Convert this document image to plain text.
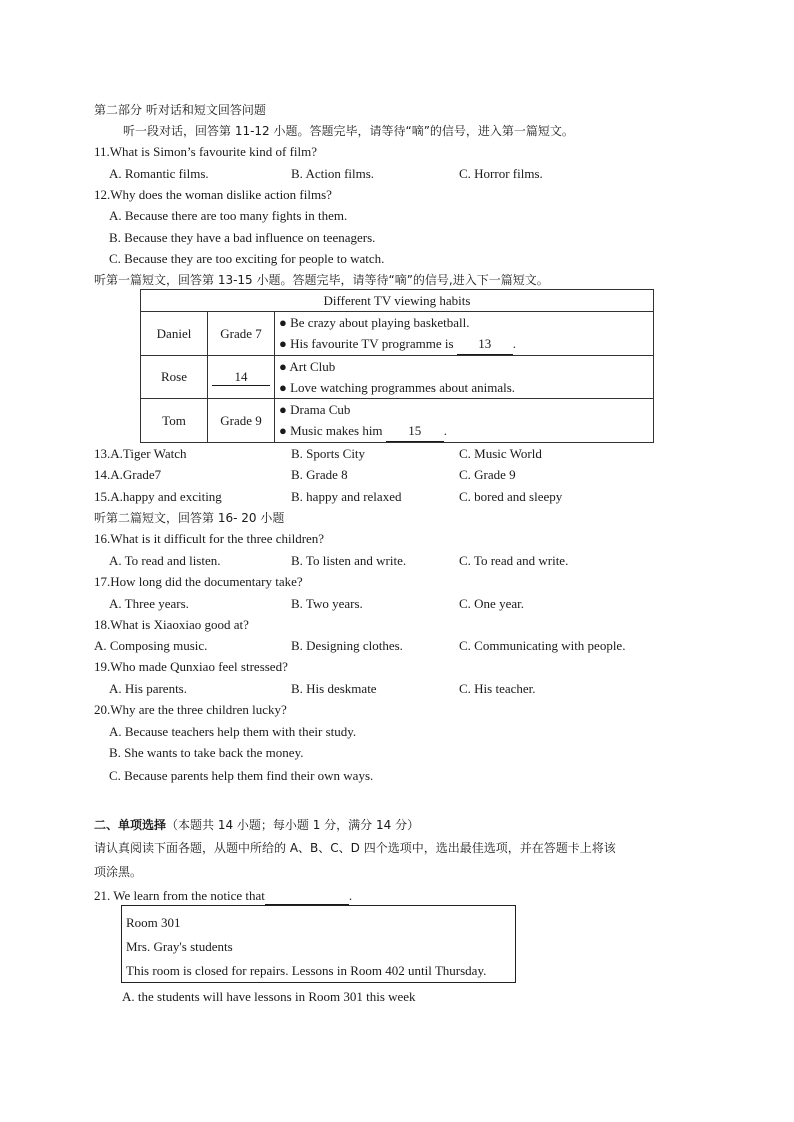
第二部分 听对话和短文回答问题
听一段对话，回答第 11-12 小题。答题完毕，请等待“嘀”的信号，进入第一篇短文。
11.What is Simon’s favourite kind of film?
A. Romantic films.	B. Action films.	C. Horror films.
12.Why does the woman dislike action films?
A. Because there are too many fights in them.
B. Because they have a bad influence on teenagers.
C. Because they are too exciting for people to watch.
听第一篇短文，回答第 13-15 小题。答题完毕，请等待“嘀”的信号,进入下一篇短文。
Different TV viewing habits		
Daniel	Grade 7	● Be crazy about playing basketball.
● His favourite TV programme is 13 .

Rose	14	● Art Club
● Love watching programmes about animals.

Tom	Grade 9	● Drama Cub
● Music makes him 15 .
13.A.Tiger Watch	B. Sports City	C. Music World
14.A.Grade7	B. Grade 8	C. Grade 9
15.A.happy and exciting	B. happy and relaxed	C. bored and sleepy
听第二篇短文，回答第 16- 20 小题
16.What is it difficult for the three children?
A. To read and listen.	B. To listen and write.	C. To read and write.
17.How long did the documentary take?
A. Three years.	B. Two years.	C. One year.
18.What is Xiaoxiao good at?
A. Composing music.	B. Designing clothes.	C. Communicating with people.
19.Who made Qunxiao feel stressed?
A. His parents.	B. His deskmate	C. His teacher.
20.Why are the three children lucky?
A. Because teachers help them with their study.
B. She wants to take back the money.
C. Because parents help them find their own ways.
二、单项选择（本题共 14 小题；每小题 1 分，满分 14 分）
请认真阅读下面各题，从题中所给的 A、B、C、D 四个选项中，选出最佳选项，并在答题卡上将该
项涂黑。
21. We learn from the notice that	.
Room 301
Mrs. Gray's students
This room is closed for repairs. Lessons in Room 402 until Thursday.
A. the students will have lessons in Room 301 this week
